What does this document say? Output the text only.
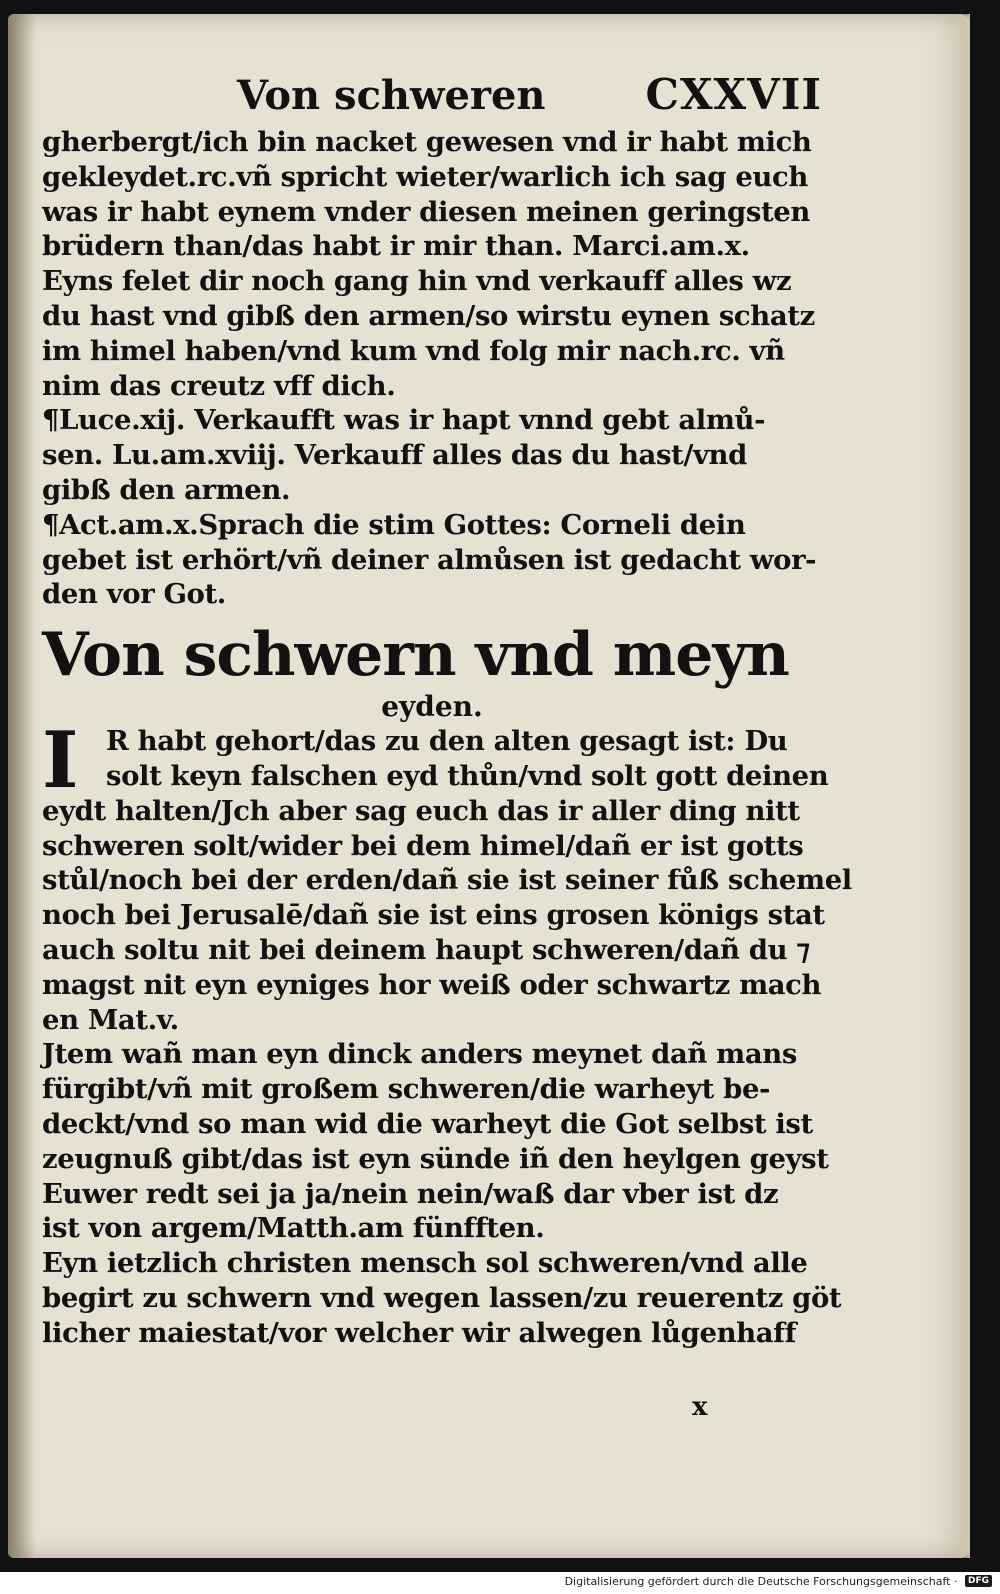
Von schweren CXXVII
gherbergt/ich bin nacket gewesen vnd ir habt mich
gekleydet.rc.vñ spricht wieter/warlich ich sag euch
was ir habt eynem vnder diesen meinen geringsten
brüdern than/das habt ir mir than. Marci.am.x.
Eyns felet dir noch gang hin vnd verkauff alles wz
du hast vnd gibß den armen/so wirstu eynen schatz
im himel haben/vnd kum vnd folg mir nach.rc. vñ
nim das creutz vff dich.
¶Luce.xij. Verkaufft was ir hapt vnnd gebt almů-
sen. Lu.am.xviij. Verkauff alles das du hast/vnd
gibß den armen.
¶Act.am.x.Sprach die stim Gottes: Corneli dein
gebet ist erhört/vñ deiner almůsen ist gedacht wor-
den vor Got.
Von schwern vnd meyn
eyden.
I	R habt gehort/das zu den alten gesagt ist: Du
solt keyn falschen eyd thůn/vnd solt gott deinen
eydt halten/Jch aber sag euch das ir aller ding nitt
schweren solt/wider bei dem himel/dañ er ist gotts
stůl/noch bei der erden/dañ sie ist seiner fůß schemel
noch bei Jerusalē/dañ sie ist eins grosen königs stat
auch soltu nit bei deinem haupt schweren/dañ du ⁊
magst nit eyn eyniges hor weiß oder schwartz mach
en Mat.v.
Jtem wañ man eyn dinck anders meynet dañ mans
fürgibt/vñ mit großem schweren/die warheyt be-
deckt/vnd so man wid die warheyt die Got selbst ist
zeugnuß gibt/das ist eyn sünde iñ den heylgen geyst
Euwer redt sei ja ja/nein nein/waß dar vber ist dz
ist von argem/Matth.am fünfften.
Eyn ietzlich christen mensch sol schweren/vnd alle
begirt zu schwern vnd wegen lassen/zu reuerentz göt
licher maiestat/vor welcher wir alwegen lůgenhaff
x
Digitalisierung gefördert durch die Deutsche Forschungsgemeinschaft · DFG
